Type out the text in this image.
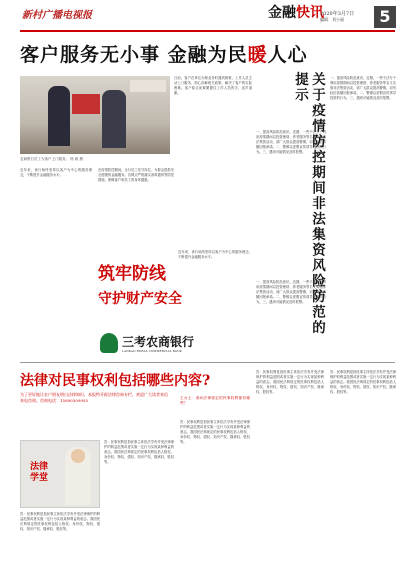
新村广播电视报	金融快讯
2020年3月7日
编辑：刘小丽	5
客户服务无小事 金融为民暖人心
农商银行员工为客户上门服务。 杨 威 摄
日前，客户在单位办理业务时遇到困难，工作人员主动上门服务，细心讲解相关政策，解决了客户的实际困难。客户临走前紧紧握住工作人员的手，连声道谢。
近年来，该行始终坚持以客户为中心的服务理念，不断提升金融服务水平。
在疫情防控期间，全行员工坚守岗位，为群众提供安全便捷的金融服务。各网点严格落实消毒通风等防控措施，保障客户和员工的身体健康。
近年来，该行始终坚持以客户为中心的服务理念，不断提升金融服务水平。
筑牢防线
守护财产安全
三考农商银行
LANKAO RURAL COMMERCIAL BANK
关于疫情防控期间非法集资风险防范的提示
一、提高风险防范意识。近期，一些不法分子利用疫情期间以投资理财、养老服务等名义实施非法集资活动，请广大群众提高警惕，切勿轻信高额回报承诺。二、警惕以虚假宣传诱导投资的行为。三、遇到可疑情况及时报警。
一、提高风险防范意识。近期，一些不法分子利用疫情期间以投资理财、养老服务等名义实施非法集资活动，请广大群众提高警惕，切勿轻信高额回报承诺。二、警惕以虚假宣传诱导投资的行为。三、遇到可疑情况及时报警。
一、提高风险防范意识。近期，一些不法分子利用疫情期间以投资理财、养老服务等名义实施非法集资活动，请广大群众提高警惕，切勿轻信高额回报承诺。二、警惕以虚假宣传诱导投资的行为。三、遇到可疑情况及时报警。
法律对民事权利包括哪些内容?
为了更好地让农户朋友明白法律知识，本报特开辟法律咨询专栏，欢迎广大读者来信来电咨询。咨询电话：15890309955
法律学堂
王女士：请问法律规定的民事权利都有哪些？
答：民事权利是指民事主体依法享有并受法律保护的利益范围或者实施一定行为实现某种利益的意志。我国民法典规定的民事权利包括人格权、身份权、物权、债权、知识产权、继承权、股权等。
答：民事权利是指民事主体依法享有并受法律保护的利益范围或者实施一定行为实现某种利益的意志。我国民法典规定的民事权利包括人格权、身份权、物权、债权、知识产权、继承权、股权等。
答：民事权利是指民事主体依法享有并受法律保护的利益范围或者实施一定行为实现某种利益的意志。我国民法典规定的民事权利包括人格权、身份权、物权、债权、知识产权、继承权、股权等。
答：民事权利是指民事主体依法享有并受法律保护的利益范围或者实施一定行为实现某种利益的意志。我国民法典规定的民事权利包括人格权、身份权、物权、债权、知识产权、继承权、股权等。
答：民事权利是指民事主体依法享有并受法律保护的利益范围或者实施一定行为实现某种利益的意志。我国民法典规定的民事权利包括人格权、身份权、物权、债权、知识产权、继承权、股权等。
